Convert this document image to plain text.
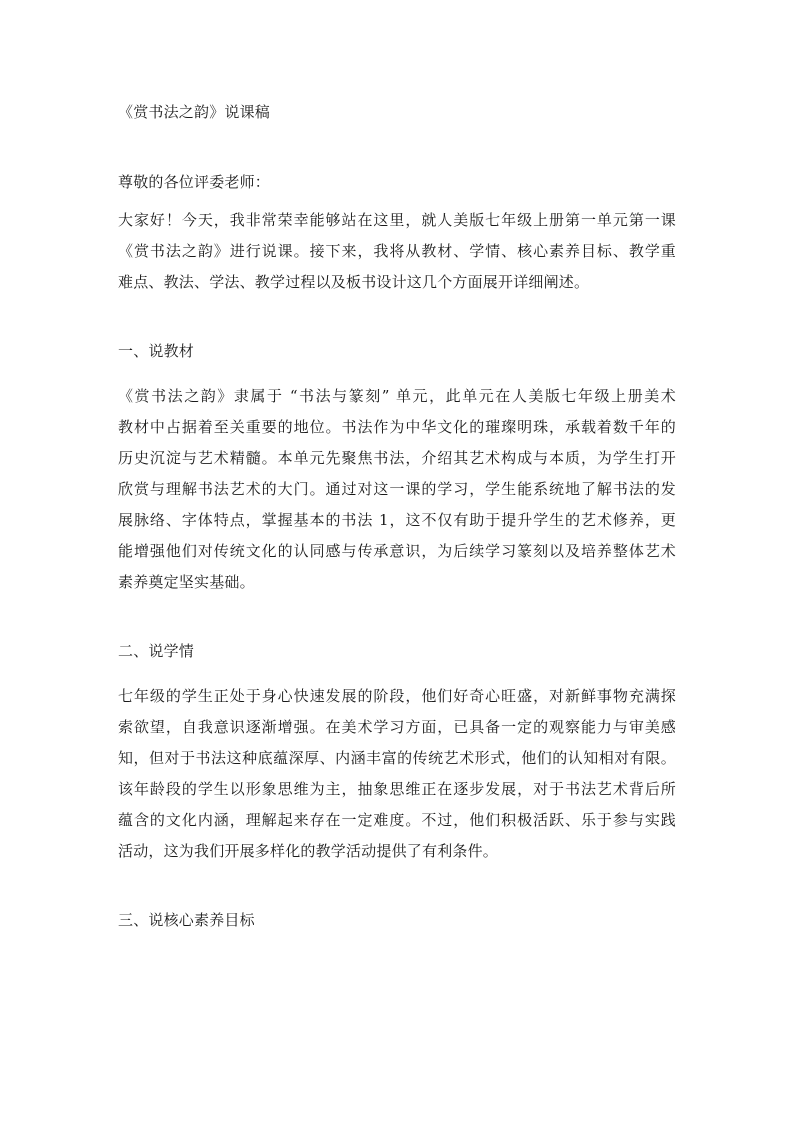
《赏书法之韵》说课稿
尊敬的各位评委老师：
大家好！今天，我非常荣幸能够站在这里，就人美版七年级上册第一单元第一课
《赏书法之韵》进行说课。接下来，我将从教材、学情、核心素养目标、教学重
难点、教法、学法、教学过程以及板书设计这几个方面展开详细阐述。
一、说教材
《赏书法之韵》隶属于 “书法与篆刻” 单元，此单元在人美版七年级上册美术
教材中占据着至关重要的地位。书法作为中华文化的璀璨明珠，承载着数千年的
历史沉淀与艺术精髓。本单元先聚焦书法，介绍其艺术构成与本质，为学生打开
欣赏与理解书法艺术的大门。通过对这一课的学习，学生能系统地了解书法的发
展脉络、字体特点，掌握基本的书法 1，这不仅有助于提升学生的艺术修养，更
能增强他们对传统文化的认同感与传承意识，为后续学习篆刻以及培养整体艺术
素养奠定坚实基础。
二、说学情
七年级的学生正处于身心快速发展的阶段，他们好奇心旺盛，对新鲜事物充满探
索欲望，自我意识逐渐增强。在美术学习方面，已具备一定的观察能力与审美感
知，但对于书法这种底蕴深厚、内涵丰富的传统艺术形式，他们的认知相对有限。
该年龄段的学生以形象思维为主，抽象思维正在逐步发展，对于书法艺术背后所
蕴含的文化内涵，理解起来存在一定难度。不过，他们积极活跃、乐于参与实践
活动，这为我们开展多样化的教学活动提供了有利条件。
三、说核心素养目标
